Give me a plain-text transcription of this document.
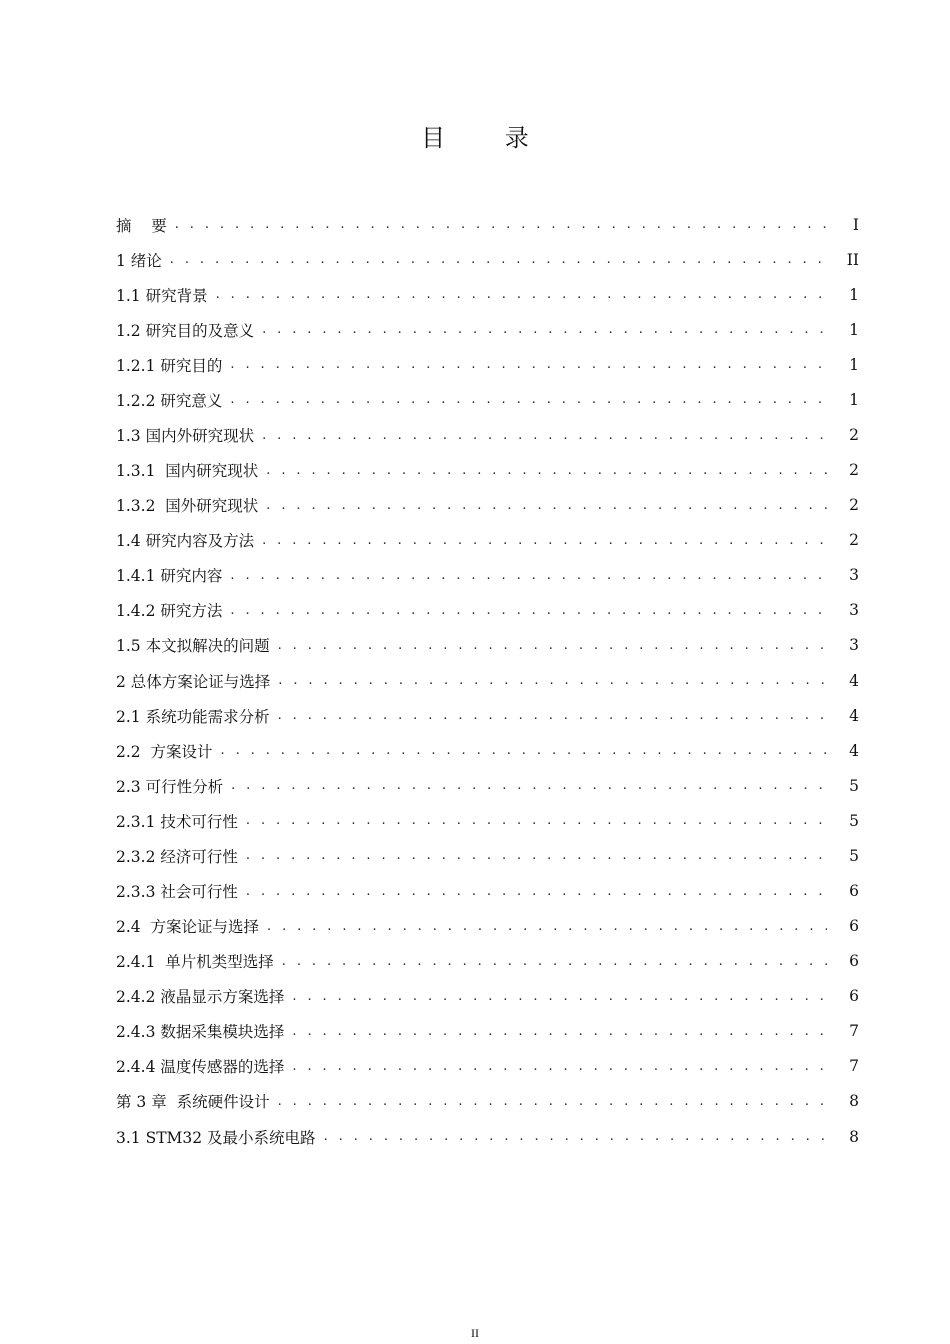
目 录
摘    要 . . .	I
1 绪论 . . .	II
1.1 研究背景 . . .	1
1.2 研究目的及意义 . . .	1
1.2.1 研究目的 . . .	1
1.2.2 研究意义 . . .	1
1.3 国内外研究现状 . . .	2
1.3.1  国内研究现状 . . .	2
1.3.2  国外研究现状 . . .	2
1.4 研究内容及方法 . . .	2
1.4.1 研究内容 . . .	3
1.4.2 研究方法 . . .	3
1.5 本文拟解决的问题 . . .	3
2 总体方案论证与选择 . . .	4
2.1 系统功能需求分析 . . .	4
2.2  方案设计 . . .	4
2.3 可行性分析 . . .	5
2.3.1 技术可行性 . . .	5
2.3.2 经济可行性 . . .	5
2.3.3 社会可行性 . . .	6
2.4  方案论证与选择 . . .	6
2.4.1  单片机类型选择 . . .	6
2.4.2 液晶显示方案选择 . . .	6
2.4.3 数据采集模块选择 . . .	7
2.4.4 温度传感器的选择 . . .	7
第 3 章  系统硬件设计 . . .	8
3.1 STM32 及最小系统电路 . . .	8
II
